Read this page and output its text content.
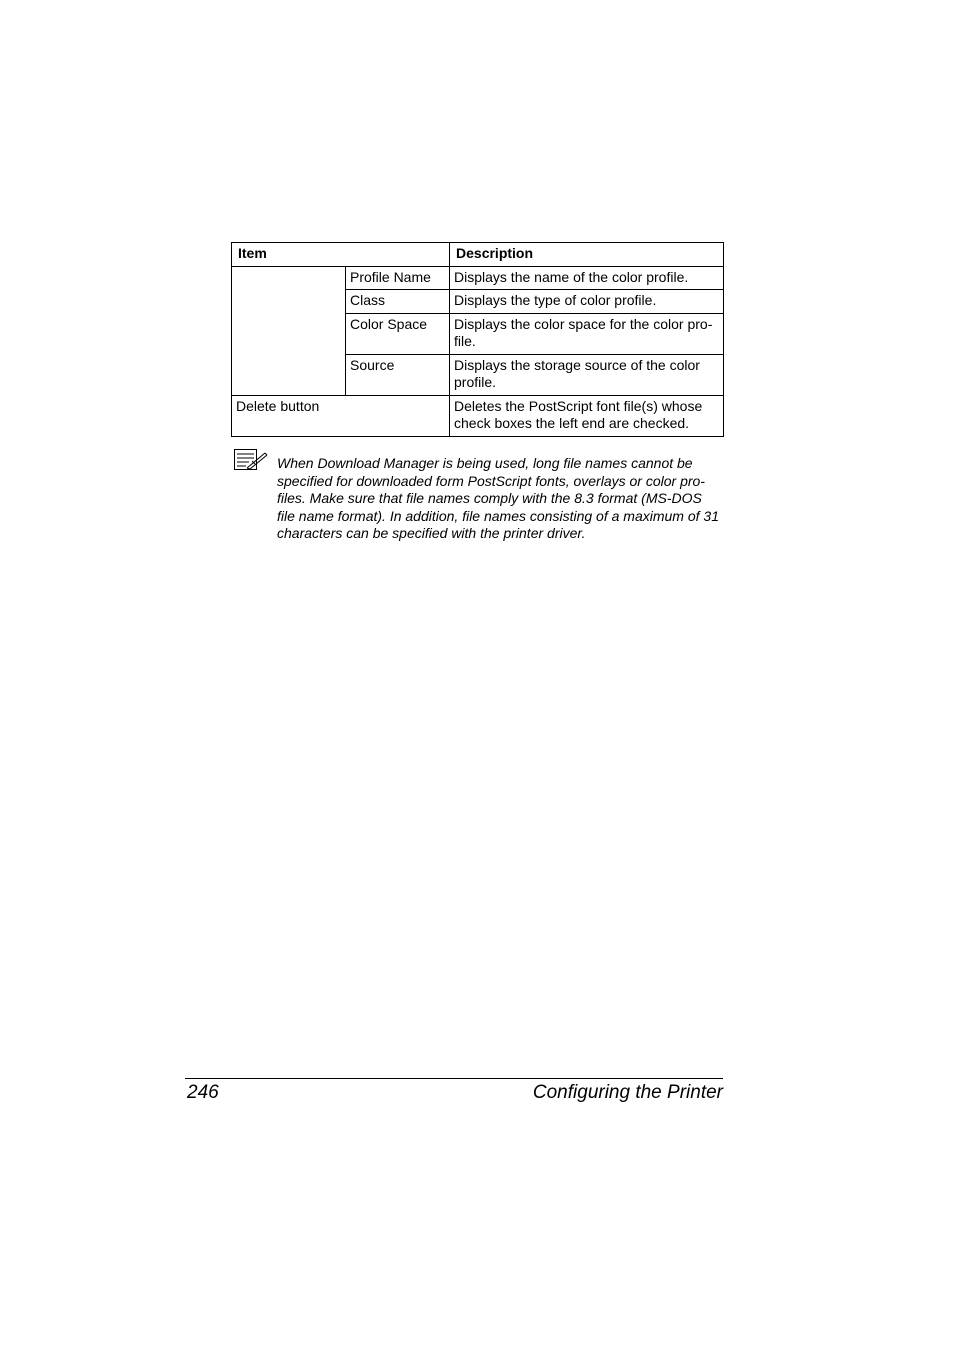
Item		Description
	Profile Name	Displays the name of the color profile.
	Class	Displays the type of color profile.
	Color Space	Displays the color space for the color pro-file.
	Source	Displays the storage source of the color profile.
Delete button		Deletes the PostScript font file(s) whose check boxes the left end are checked.

When Download Manager is being used, long file names cannot be specified for downloaded form PostScript fonts, overlays or color pro-files. Make sure that file names comply with the 8.3 format (MS-DOS file name format). In addition, file names consisting of a maximum of 31 characters can be specified with the printer driver.

246	Configuring the Printer
